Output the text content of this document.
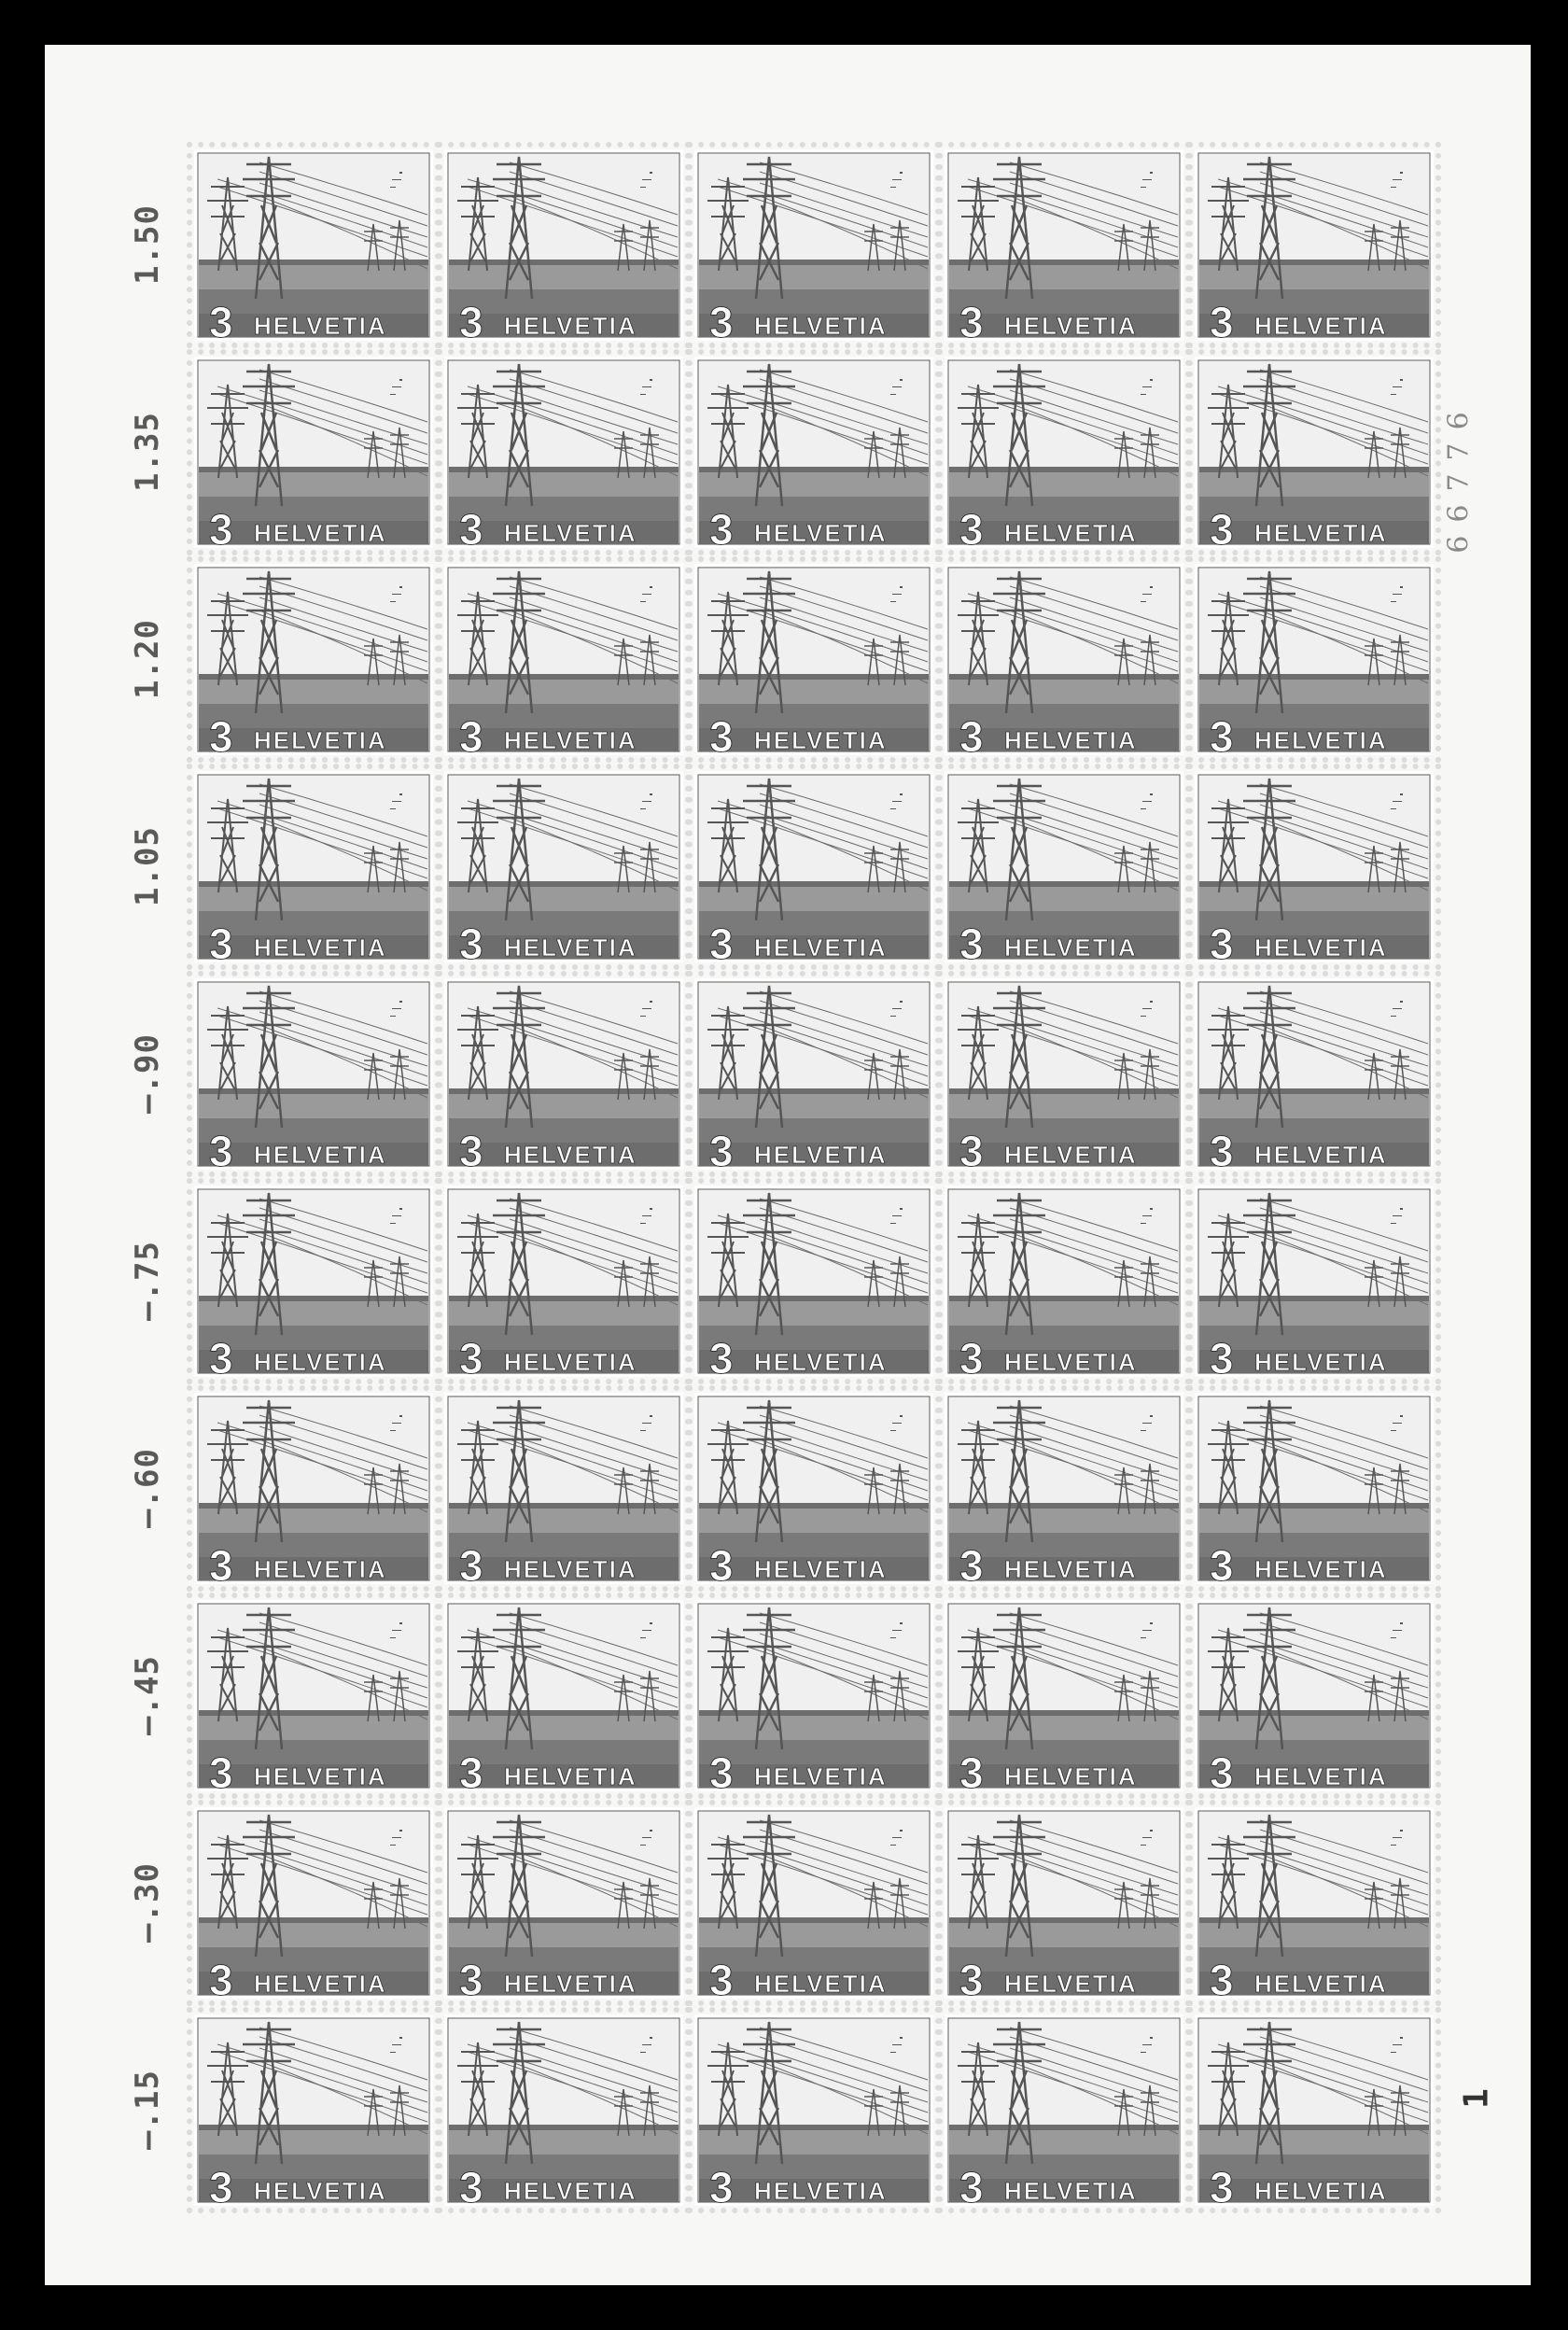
1.50
1.35
1.20
1.05
—.90
—.75
—.60
—.45
—.30
—.15
66776
1
3 HELVETIA 3 HELVETIA 3 HELVETIA 3 HELVETIA 3 HELVETIA
3 HELVETIA 3 HELVETIA 3 HELVETIA 3 HELVETIA 3 HELVETIA
3 HELVETIA 3 HELVETIA 3 HELVETIA 3 HELVETIA 3 HELVETIA
3 HELVETIA 3 HELVETIA 3 HELVETIA 3 HELVETIA 3 HELVETIA
3 HELVETIA 3 HELVETIA 3 HELVETIA 3 HELVETIA 3 HELVETIA
3 HELVETIA 3 HELVETIA 3 HELVETIA 3 HELVETIA 3 HELVETIA
3 HELVETIA 3 HELVETIA 3 HELVETIA 3 HELVETIA 3 HELVETIA
3 HELVETIA 3 HELVETIA 3 HELVETIA 3 HELVETIA 3 HELVETIA
3 HELVETIA 3 HELVETIA 3 HELVETIA 3 HELVETIA 3 HELVETIA
3 HELVETIA 3 HELVETIA 3 HELVETIA 3 HELVETIA 3 HELVETIA
